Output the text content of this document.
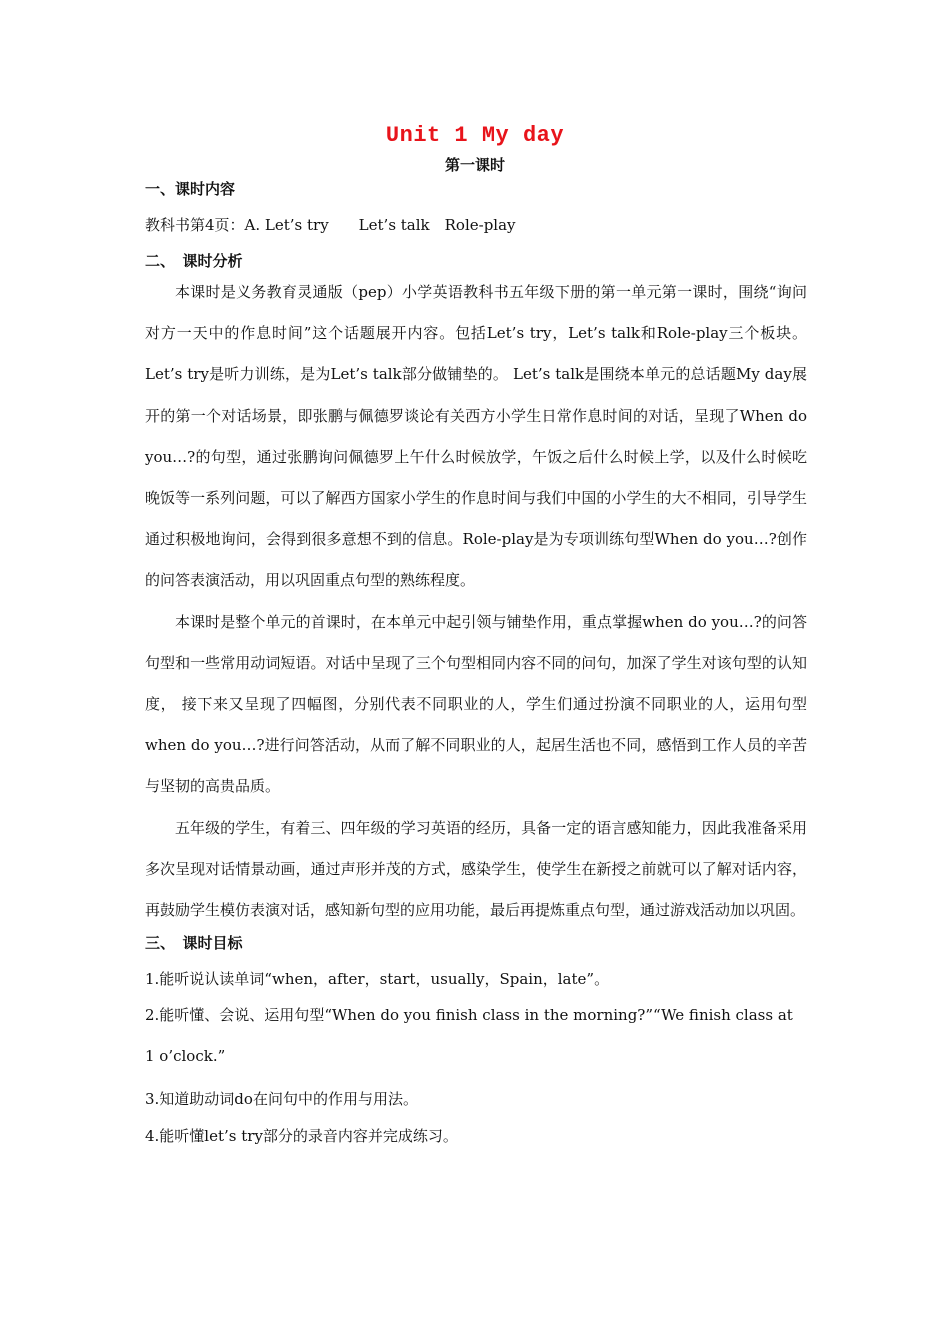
Unit 1 My day
第一课时

一、课时内容

教科书第4页：A. Let’s try　　Let’s talk　Role-play

二、　课时分析

本课时是义务教育灵通版（pep）小学英语教科书五年级下册的第一单元第一课时，围绕“询问对方一天中的作息时间”这个话题展开内容。包括Let’s try，Let’s talk和Role-play三个板块。Let’s try是听力训练，是为Let’s talk部分做铺垫的。 Let’s talk是围绕本单元的总话题My day展开的第一个对话场景，即张鹏与佩德罗谈论有关西方小学生日常作息时间的对话，呈现了When do you…?的句型，通过张鹏询问佩德罗上午什么时候放学，午饭之后什么时候上学，以及什么时候吃晚饭等一系列问题，可以了解西方国家小学生的作息时间与我们中国的小学生的大不相同，引导学生通过积极地询问，会得到很多意想不到的信息。Role-play是为专项训练句型When do you…?创作的问答表演活动，用以巩固重点句型的熟练程度。

本课时是整个单元的首课时，在本单元中起引领与铺垫作用，重点掌握when do you…?的问答句型和一些常用动词短语。对话中呈现了三个句型相同内容不同的问句，加深了学生对该句型的认知度， 接下来又呈现了四幅图，分别代表不同职业的人，学生们通过扮演不同职业的人，运用句型when do you…?进行问答活动，从而了解不同职业的人，起居生活也不同，感悟到工作人员的辛苦与坚韧的高贵品质。

五年级的学生，有着三、四年级的学习英语的经历，具备一定的语言感知能力，因此我准备采用多次呈现对话情景动画，通过声形并茂的方式，感染学生，使学生在新授之前就可以了解对话内容，再鼓励学生模仿表演对话，感知新句型的应用功能，最后再提炼重点句型，通过游戏活动加以巩固。

三、　课时目标

1.能听说认读单词“when，after，start，usually，Spain，late”。

2.能听懂、会说、运用句型“When do you finish class in the morning?”“We finish class at 1 o’clock.”

3.知道助动词do在问句中的作用与用法。

4.能听懂let’s try部分的录音内容并完成练习。
